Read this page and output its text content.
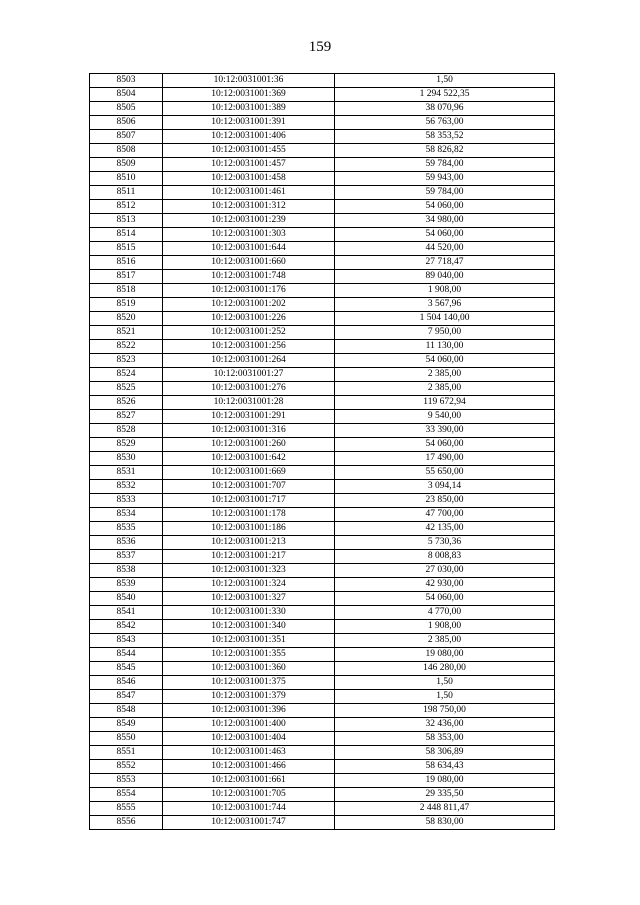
159
8503	10:12:0031001:36	1,50
8504	10:12:0031001:369	1 294 522,35
8505	10:12:0031001:389	38 070,96
8506	10:12:0031001:391	56 763,00
8507	10:12:0031001:406	58 353,52
8508	10:12:0031001:455	58 826,82
8509	10:12:0031001:457	59 784,00
8510	10:12:0031001:458	59 943,00
8511	10:12:0031001:461	59 784,00
8512	10:12:0031001:312	54 060,00
8513	10:12:0031001:239	34 980,00
8514	10:12:0031001:303	54 060,00
8515	10:12:0031001:644	44 520,00
8516	10:12:0031001:660	27 718,47
8517	10:12:0031001:748	89 040,00
8518	10:12:0031001:176	1 908,00
8519	10:12:0031001:202	3 567,96
8520	10:12:0031001:226	1 504 140,00
8521	10:12:0031001:252	7 950,00
8522	10:12:0031001:256	11 130,00
8523	10:12:0031001:264	54 060,00
8524	10:12:0031001:27	2 385,00
8525	10:12:0031001:276	2 385,00
8526	10:12:0031001:28	119 672,94
8527	10:12:0031001:291	9 540,00
8528	10:12:0031001:316	33 390,00
8529	10:12:0031001:260	54 060,00
8530	10:12:0031001:642	17 490,00
8531	10:12:0031001:669	55 650,00
8532	10:12:0031001:707	3 094,14
8533	10:12:0031001:717	23 850,00
8534	10:12:0031001:178	47 700,00
8535	10:12:0031001:186	42 135,00
8536	10:12:0031001:213	5 730,36
8537	10:12:0031001:217	8 008,83
8538	10:12:0031001:323	27 030,00
8539	10:12:0031001:324	42 930,00
8540	10:12:0031001:327	54 060,00
8541	10:12:0031001:330	4 770,00
8542	10:12:0031001:340	1 908,00
8543	10:12:0031001:351	2 385,00
8544	10:12:0031001:355	19 080,00
8545	10:12:0031001:360	146 280,00
8546	10:12:0031001:375	1,50
8547	10:12:0031001:379	1,50
8548	10:12:0031001:396	198 750,00
8549	10:12:0031001:400	32 436,00
8550	10:12:0031001:404	58 353,00
8551	10:12:0031001:463	58 306,89
8552	10:12:0031001:466	58 634,43
8553	10:12:0031001:661	19 080,00
8554	10:12:0031001:705	29 335,50
8555	10:12:0031001:744	2 448 811,47
8556	10:12:0031001:747	58 830,00
